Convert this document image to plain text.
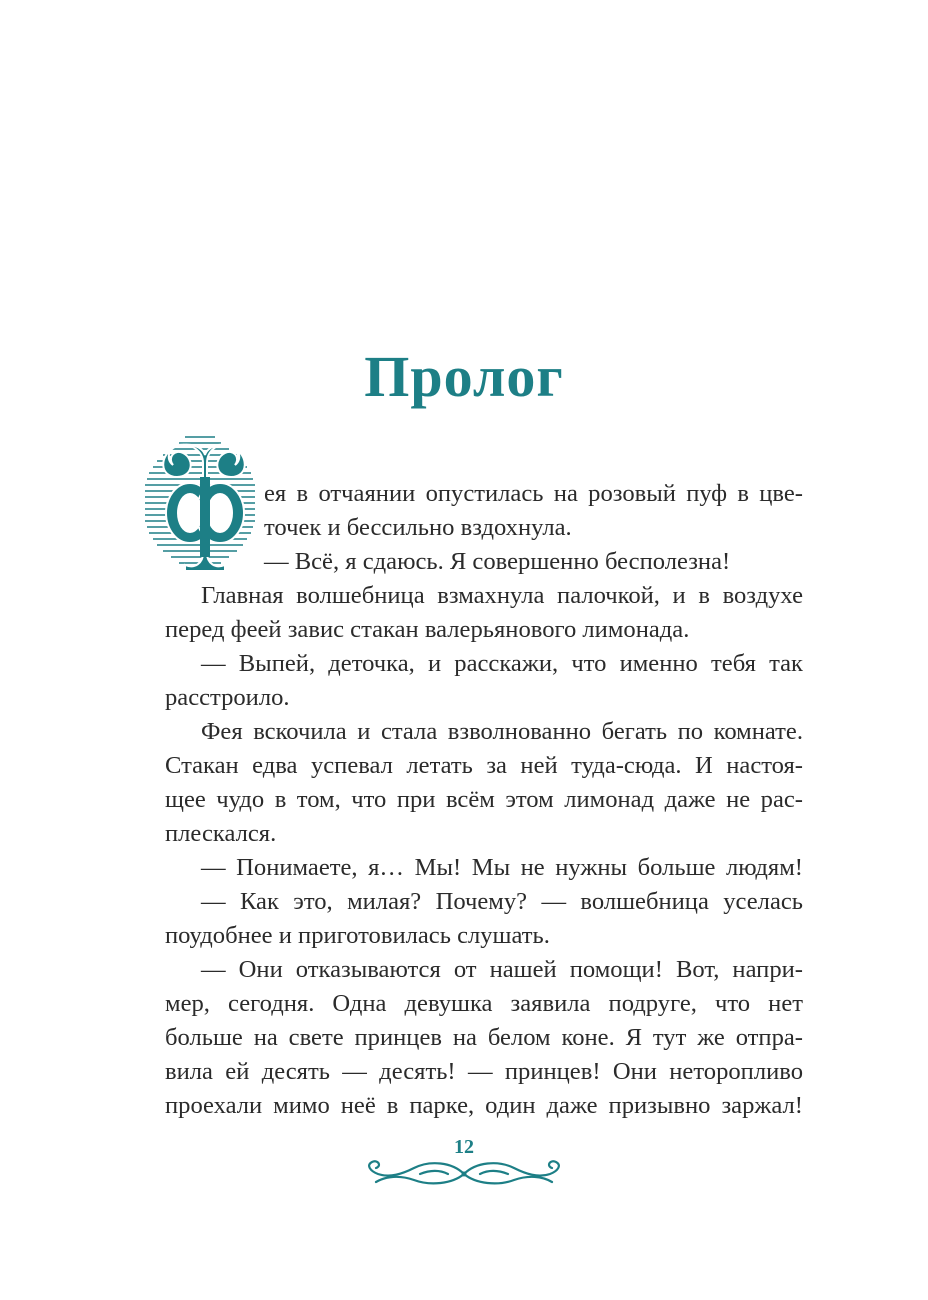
Пролог
ея в отчаянии опустилась на розовый пуф в цве-
точек и бессильно вздохнула.
— Всё, я сдаюсь. Я совершенно бесполезна!
Главная волшебница взмахнула палочкой, и в воздухе
перед феей завис стакан валерьянового лимонада.
— Выпей, деточка, и расскажи, что именно тебя так
расстроило.
Фея вскочила и стала взволнованно бегать по комнате.
Стакан едва успевал летать за ней туда-сюда. И настоя-
щее чудо в том, что при всём этом лимонад даже не рас-
плескался.
— Понимаете, я… Мы! Мы не нужны больше людям!
— Как это, милая? Почему? — волшебница уселась
поудобнее и приготовилась слушать.
— Они отказываются от нашей помощи! Вот, напри-
мер, сегодня. Одна девушка заявила подруге, что нет
больше на свете принцев на белом коне. Я тут же отпра-
вила ей десять — десять! — принцев! Они неторопливо
проехали мимо неё в парке, один даже призывно заржал!
12
